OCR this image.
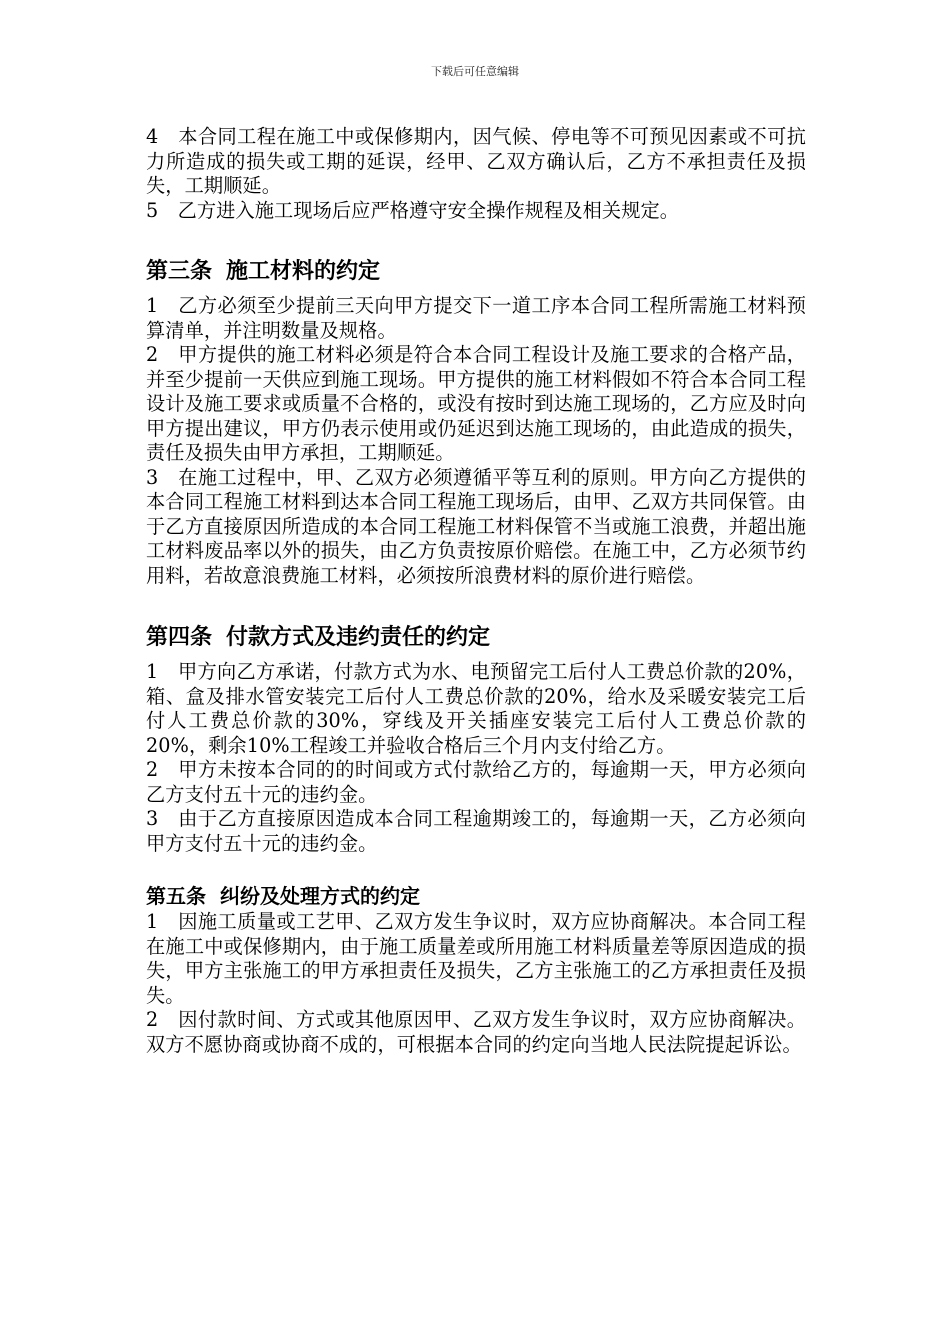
下载后可任意编辑

4　本合同工程在施工中或保修期内，因气候、停电等不可预见因素或不可抗力所造成的损失或工期的延误，经甲、乙双方确认后，乙方不承担责任及损失，工期顺延。

5　乙方进入施工现场后应严格遵守安全操作规程及相关规定。

第三条 施工材料的约定

1　乙方必须至少提前三天向甲方提交下一道工序本合同工程所需施工材料预算清单，并注明数量及规格。

2　甲方提供的施工材料必须是符合本合同工程设计及施工要求的合格产品，并至少提前一天供应到施工现场。甲方提供的施工材料假如不符合本合同工程设计及施工要求或质量不合格的，或没有按时到达施工现场的，乙方应及时向甲方提出建议，甲方仍表示使用或仍延迟到达施工现场的，由此造成的损失，责任及损失由甲方承担，工期顺延。

3　在施工过程中，甲、乙双方必须遵循平等互利的原则。甲方向乙方提供的本合同工程施工材料到达本合同工程施工现场后，由甲、乙双方共同保管。由于乙方直接原因所造成的本合同工程施工材料保管不当或施工浪费，并超出施工材料废品率以外的损失，由乙方负责按原价赔偿。在施工中，乙方必须节约用料，若故意浪费施工材料，必须按所浪费材料的原价进行赔偿。

第四条 付款方式及违约责任的约定

1　甲方向乙方承诺，付款方式为水、电预留完工后付人工费总价款的20%，箱、盒及排水管安装完工后付人工费总价款的20%，给水及采暖安装完工后付人工费总价款的30%，穿线及开关插座安装完工后付人工费总价款的20%，剩余10%工程竣工并验收合格后三个月内支付给乙方。

2　甲方未按本合同的的时间或方式付款给乙方的，每逾期一天，甲方必须向乙方支付五十元的违约金。

3　由于乙方直接原因造成本合同工程逾期竣工的，每逾期一天，乙方必须向甲方支付五十元的违约金。

第五条 纠纷及处理方式的约定

1　因施工质量或工艺甲、乙双方发生争议时，双方应协商解决。本合同工程在施工中或保修期内，由于施工质量差或所用施工材料质量差等原因造成的损失，甲方主张施工的甲方承担责任及损失，乙方主张施工的乙方承担责任及损失。

2　因付款时间、方式或其他原因甲、乙双方发生争议时，双方应协商解决。双方不愿协商或协商不成的，可根据本合同的约定向当地人民法院提起诉讼。
